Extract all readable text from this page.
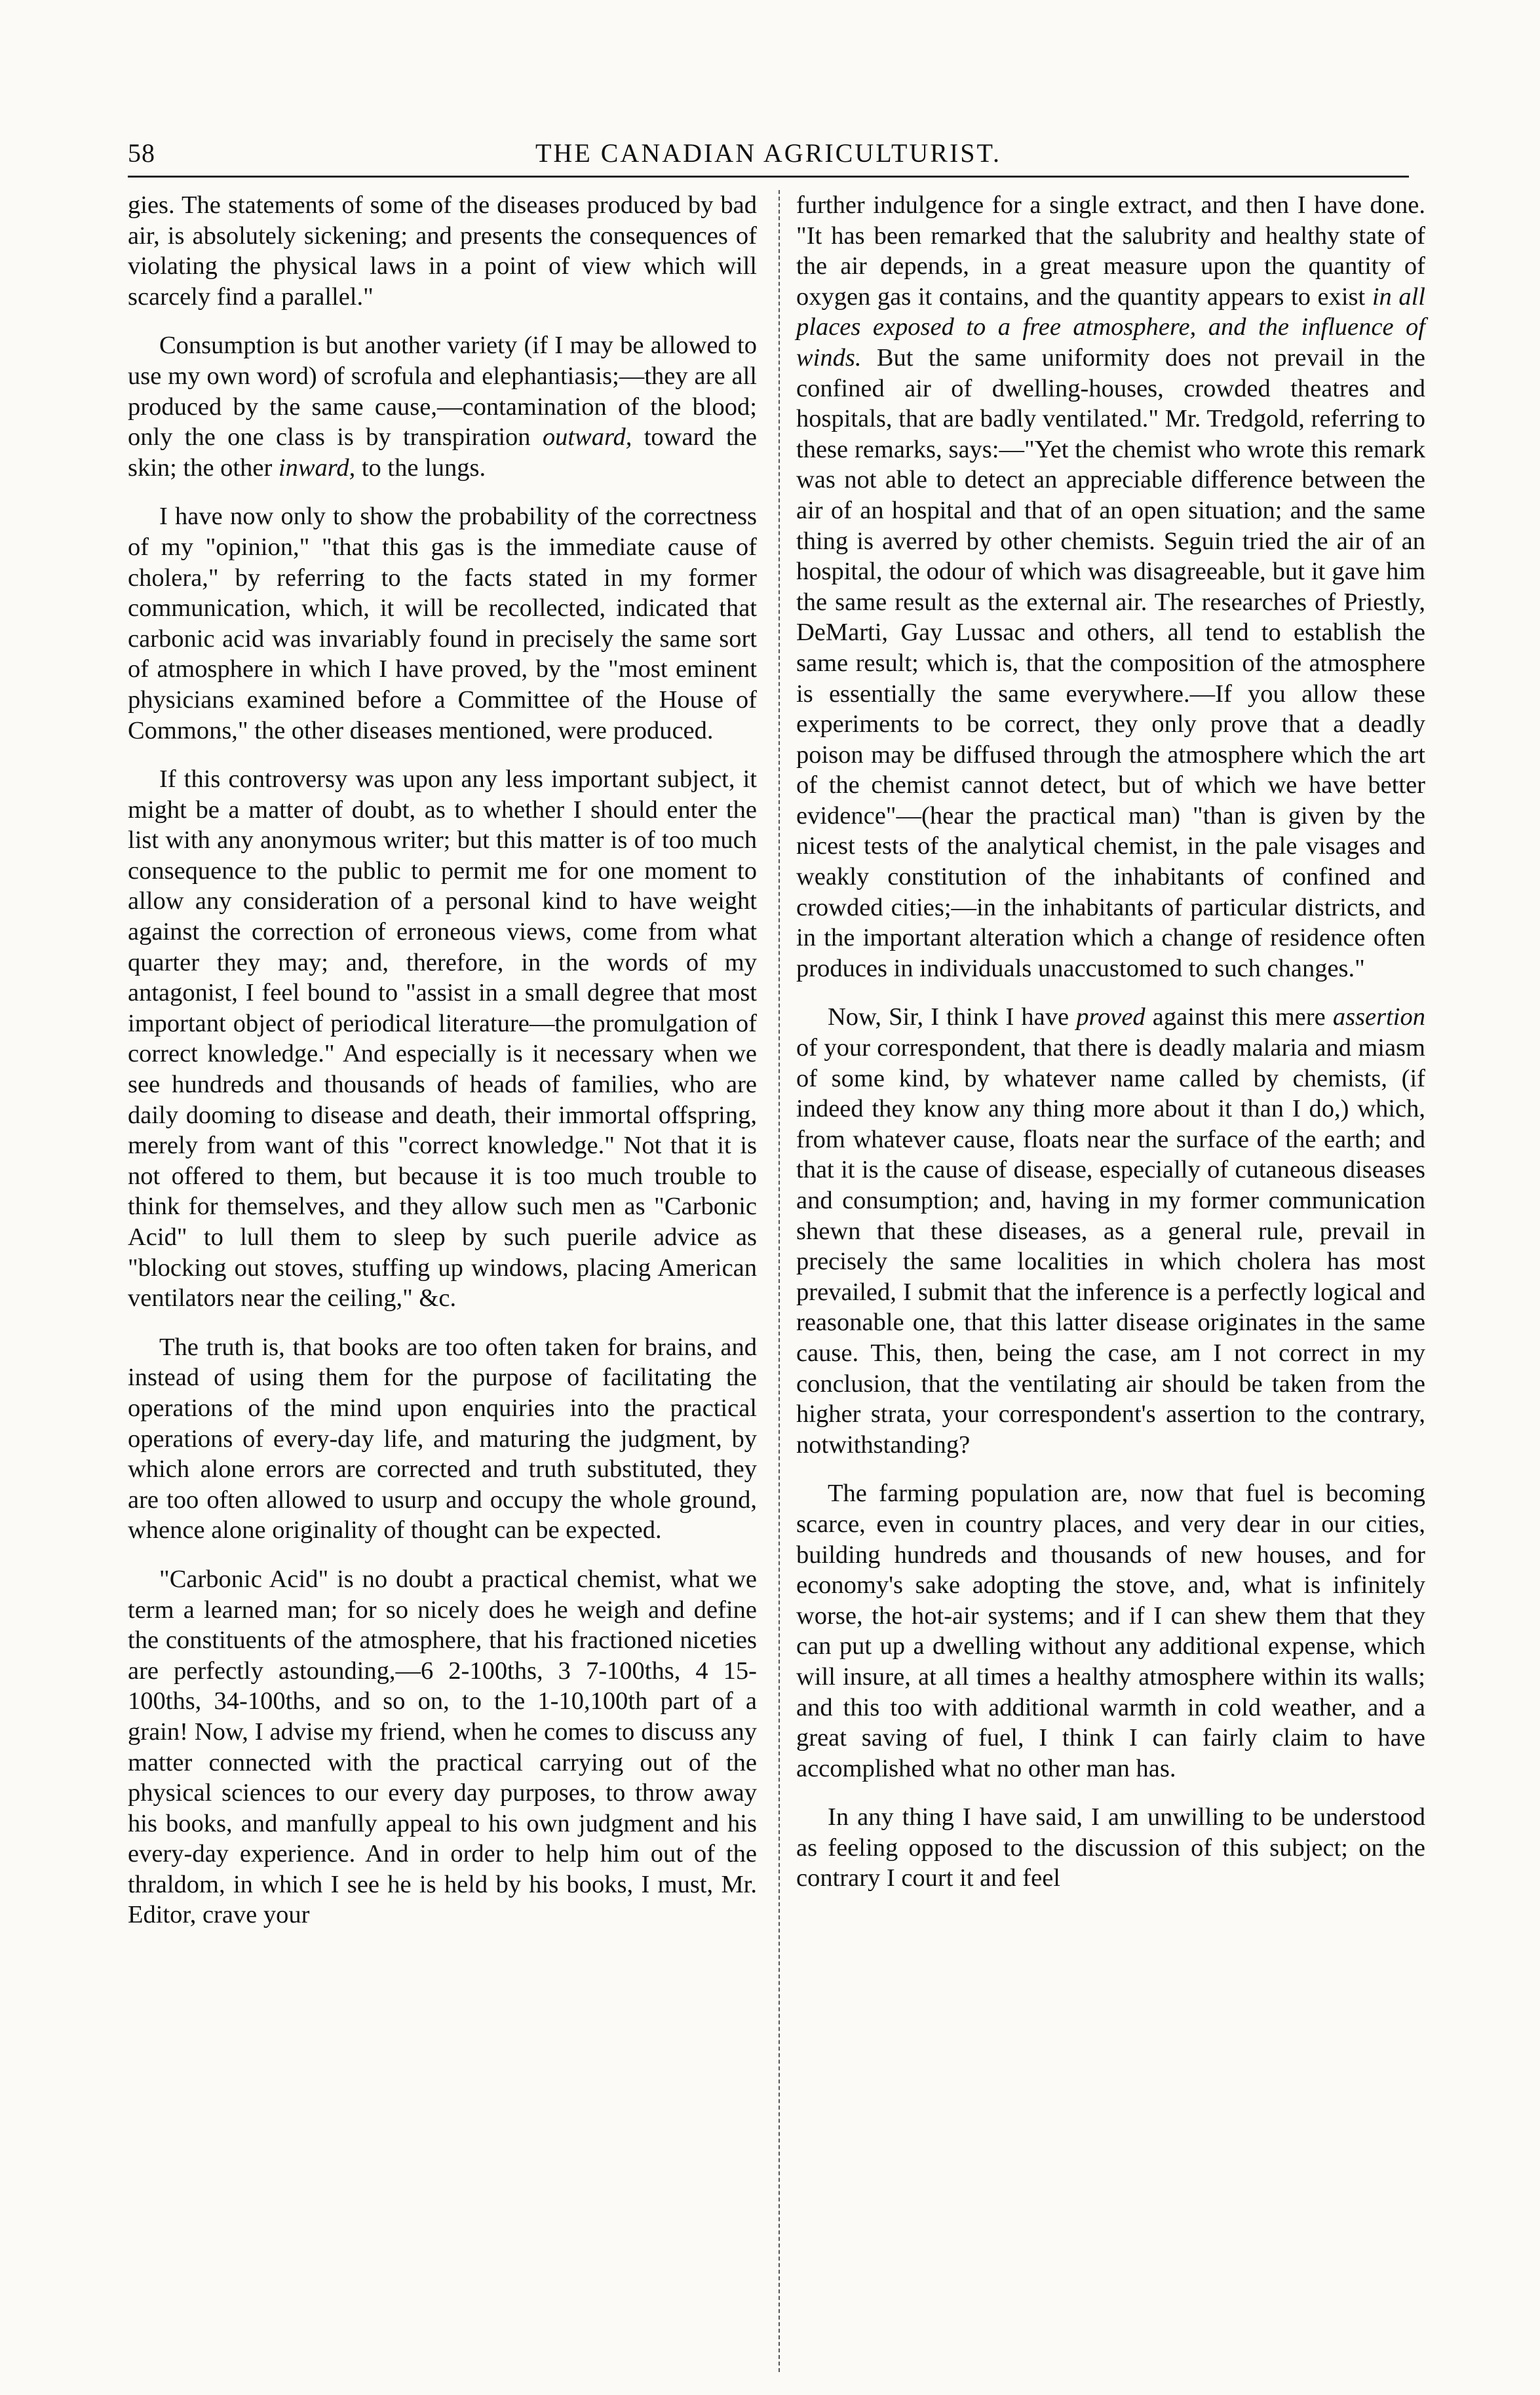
58	THE CANADIAN AGRICULTURIST.

gies. The statements of some of the diseases produced by bad air, is absolutely sickening; and presents the consequences of violating the physical laws in a point of view which will scarcely find a parallel."

Consumption is but another variety (if I may be allowed to use my own word) of scrofula and elephantiasis;—they are all produced by the same cause,—contamination of the blood; only the one class is by transpiration outward, toward the skin; the other inward, to the lungs.

I have now only to show the probability of the correctness of my "opinion," "that this gas is the immediate cause of cholera," by referring to the facts stated in my former communication, which, it will be recollected, indicated that carbonic acid was invariably found in precisely the same sort of atmosphere in which I have proved, by the "most eminent physicians examined before a Committee of the House of Commons," the other diseases mentioned, were produced.

If this controversy was upon any less important subject, it might be a matter of doubt, as to whether I should enter the list with any anonymous writer; but this matter is of too much consequence to the public to permit me for one moment to allow any consideration of a personal kind to have weight against the correction of erroneous views, come from what quarter they may; and, therefore, in the words of my antagonist, I feel bound to "assist in a small degree that most important object of periodical literature—the promulgation of correct knowledge." And especially is it necessary when we see hundreds and thousands of heads of families, who are daily dooming to disease and death, their immortal offspring, merely from want of this "correct knowledge." Not that it is not offered to them, but because it is too much trouble to think for themselves, and they allow such men as "Carbonic Acid" to lull them to sleep by such puerile advice as "blocking out stoves, stuffing up windows, placing American ventilators near the ceiling," &c.

The truth is, that books are too often taken for brains, and instead of using them for the purpose of facilitating the operations of the mind upon enquiries into the practical operations of every-day life, and maturing the judgment, by which alone errors are corrected and truth substituted, they are too often allowed to usurp and occupy the whole ground, whence alone originality of thought can be expected.

"Carbonic Acid" is no doubt a practical chemist, what we term a learned man; for so nicely does he weigh and define the constituents of the atmosphere, that his fractioned niceties are perfectly astounding,—6 2-100ths, 3 7-100ths, 4 15-100ths, 34-100ths, and so on, to the 1-10,100th part of a grain! Now, I advise my friend, when he comes to discuss any matter connected with the practical carrying out of the physical sciences to our every day purposes, to throw away his books, and manfully appeal to his own judgment and his every-day experience. And in order to help him out of the thraldom, in which I see he is held by his books, I must, Mr. Editor, crave your

further indulgence for a single extract, and then I have done. "It has been remarked that the salubrity and healthy state of the air depends, in a great measure upon the quantity of oxygen gas it contains, and the quantity appears to exist in all places exposed to a free atmosphere, and the influence of winds. But the same uniformity does not prevail in the confined air of dwelling-houses, crowded theatres and hospitals, that are badly ventilated." Mr. Tredgold, referring to these remarks, says:—"Yet the chemist who wrote this remark was not able to detect an appreciable difference between the air of an hospital and that of an open situation; and the same thing is averred by other chemists. Seguin tried the air of an hospital, the odour of which was disagreeable, but it gave him the same result as the external air. The researches of Priestly, DeMarti, Gay Lussac and others, all tend to establish the same result; which is, that the composition of the atmosphere is essentially the same everywhere.—If you allow these experiments to be correct, they only prove that a deadly poison may be diffused through the atmosphere which the art of the chemist cannot detect, but of which we have better evidence"—(hear the practical man) "than is given by the nicest tests of the analytical chemist, in the pale visages and weakly constitution of the inhabitants of confined and crowded cities;—in the inhabitants of particular districts, and in the important alteration which a change of residence often produces in individuals unaccustomed to such changes."

Now, Sir, I think I have proved against this mere assertion of your correspondent, that there is deadly malaria and miasm of some kind, by whatever name called by chemists, (if indeed they know any thing more about it than I do,) which, from whatever cause, floats near the surface of the earth; and that it is the cause of disease, especially of cutaneous diseases and consumption; and, having in my former communication shewn that these diseases, as a general rule, prevail in precisely the same localities in which cholera has most prevailed, I submit that the inference is a perfectly logical and reasonable one, that this latter disease originates in the same cause. This, then, being the case, am I not correct in my conclusion, that the ventilating air should be taken from the higher strata, your correspondent's assertion to the contrary, notwithstanding?

The farming population are, now that fuel is becoming scarce, even in country places, and very dear in our cities, building hundreds and thousands of new houses, and for economy's sake adopting the stove, and, what is infinitely worse, the hot-air systems; and if I can shew them that they can put up a dwelling without any additional expense, which will insure, at all times a healthy atmosphere within its walls; and this too with additional warmth in cold weather, and a great saving of fuel, I think I can fairly claim to have accomplished what no other man has.

In any thing I have said, I am unwilling to be understood as feeling opposed to the discussion of this subject; on the contrary I court it and feel
